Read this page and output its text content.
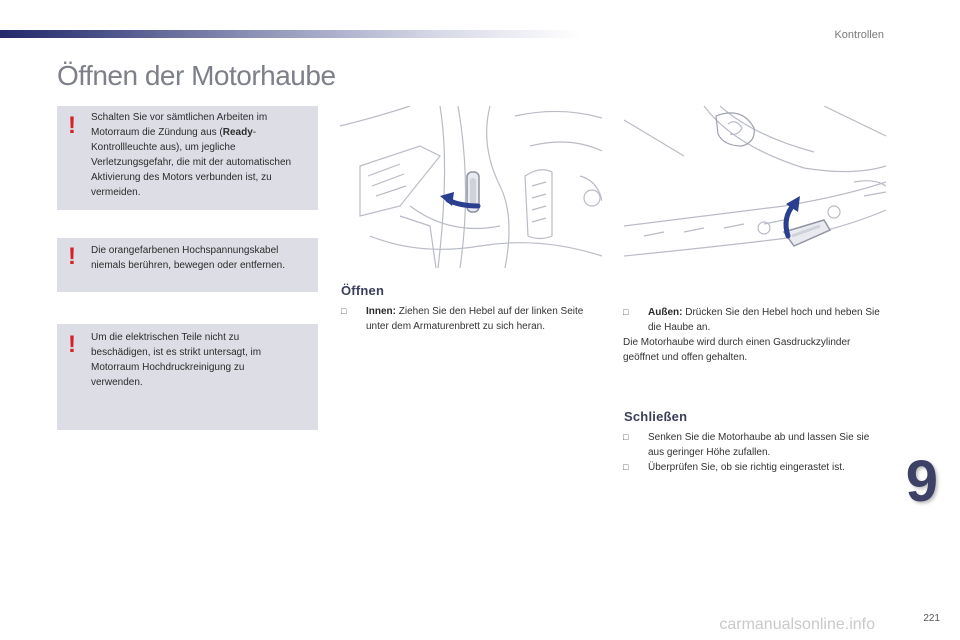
Kontrollen
Öffnen der Motorhaube
! Schalten Sie vor sämtlichen Arbeiten im Motorraum die Zündung aus (Ready-Kontrollleuchte aus), um jegliche Verletzungsgefahr, die mit der automatischen Aktivierung des Motors verbunden ist, zu vermeiden.

! Die orangefarbenen Hochspannungskabel niemals berühren, bewegen oder entfernen.

! Um die elektrischen Teile nicht zu beschädigen, ist es strikt untersagt, im Motorraum Hochdruckreinigung zu verwenden.

Öffnen

□ Innen: Ziehen Sie den Hebel auf der linken Seite unter dem Armaturenbrett zu sich heran.

□ Außen: Drücken Sie den Hebel hoch und heben Sie die Haube an.

Die Motorhaube wird durch einen Gasdruckzylinder geöffnet und offen gehalten.

Schließen

□ Senken Sie die Motorhaube ab und lassen Sie sie aus geringer Höhe zufallen.

□ Überprüfen Sie, ob sie richtig eingerastet ist.	9
carmanualsonline.info	221
